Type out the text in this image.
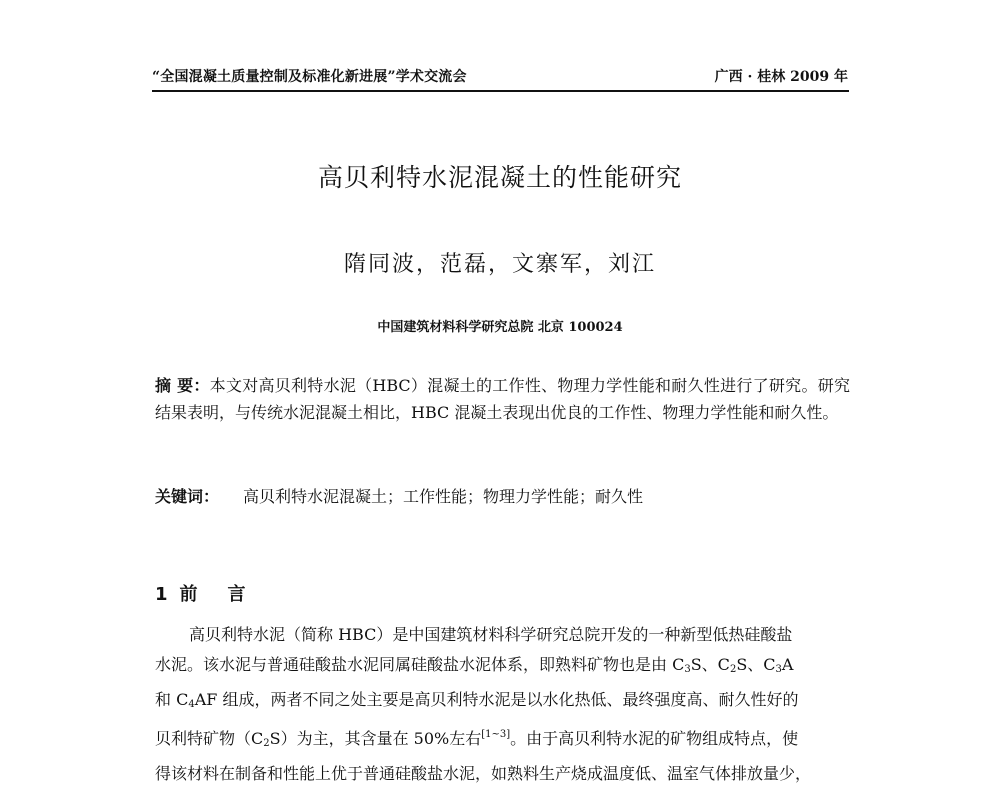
“全国混凝土质量控制及标准化新进展”学术交流会	广西 · 桂林 2009 年
高贝利特水泥混凝土的性能研究
隋同波，范磊，文寨军，刘江
中国建筑材料科学研究总院 北京 100024
摘 要：本文对高贝利特水泥（HBC）混凝土的工作性、物理力学性能和耐久性进行了研究。研究结果表明，与传统水泥混凝土相比，HBC 混凝土表现出优良的工作性、物理力学性能和耐久性。
关键词： 高贝利特水泥混凝土；工作性能；物理力学性能；耐久性
1 前言
高贝利特水泥（简称 HBC）是中国建筑材料科学研究总院开发的一种新型低热硅酸盐
水泥。该水泥与普通硅酸盐水泥同属硅酸盐水泥体系，即熟料矿物也是由 $C_3S$、$C_2S$、$C_3A$
和 $C_4AF$ 组成，两者不同之处主要是高贝利特水泥是以水化热低、最终强度高、耐久性好的
贝利特矿物$(C_2S)$为主，其含量在 50%左右[1~3]。由于高贝利特水泥的矿物组成特点，使
得该材料在制备和性能上优于普通硅酸盐水泥，如熟料生产烧成温度低、温室气体排放量少，
